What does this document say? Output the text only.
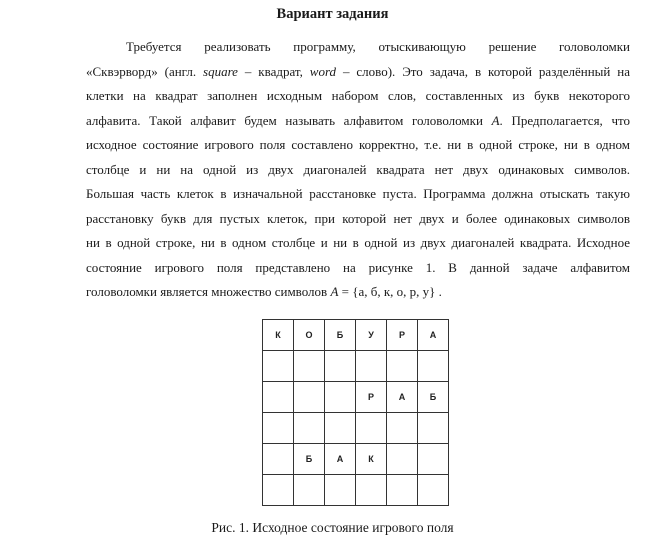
Вариант задания
Требуется реализовать программу, отыскивающую решение головоломки
«Сквэрворд» (англ. square – квадрат, word – слово). Это задача, в которой разделённый на
клетки на квадрат заполнен исходным набором слов, составленных из букв некоторого
алфавита. Такой алфавит будем называть алфавитом головоломки A. Предполагается, что
исходное состояние игрового поля составлено корректно, т.е. ни в одной строке, ни в одном
столбце и ни на одной из двух диагоналей квадрата нет двух одинаковых символов.
Большая часть клеток в изначальной расстановке пуста. Программа должна отыскать такую
расстановку букв для пустых клеток, при которой нет двух и более одинаковых символов
ни в одной строке, ни в одном столбце и ни в одной из двух диагоналей квадрата. Исходное
состояние игрового поля представлено на рисунке 1. В данной задаче алфавитом
головоломки является множество символов A = {а, б, к, о, р, у} .
К	О	Б	У	Р	А

			Р	А	Б

	Б	А	К		

Рис. 1. Исходное состояние игрового поля
